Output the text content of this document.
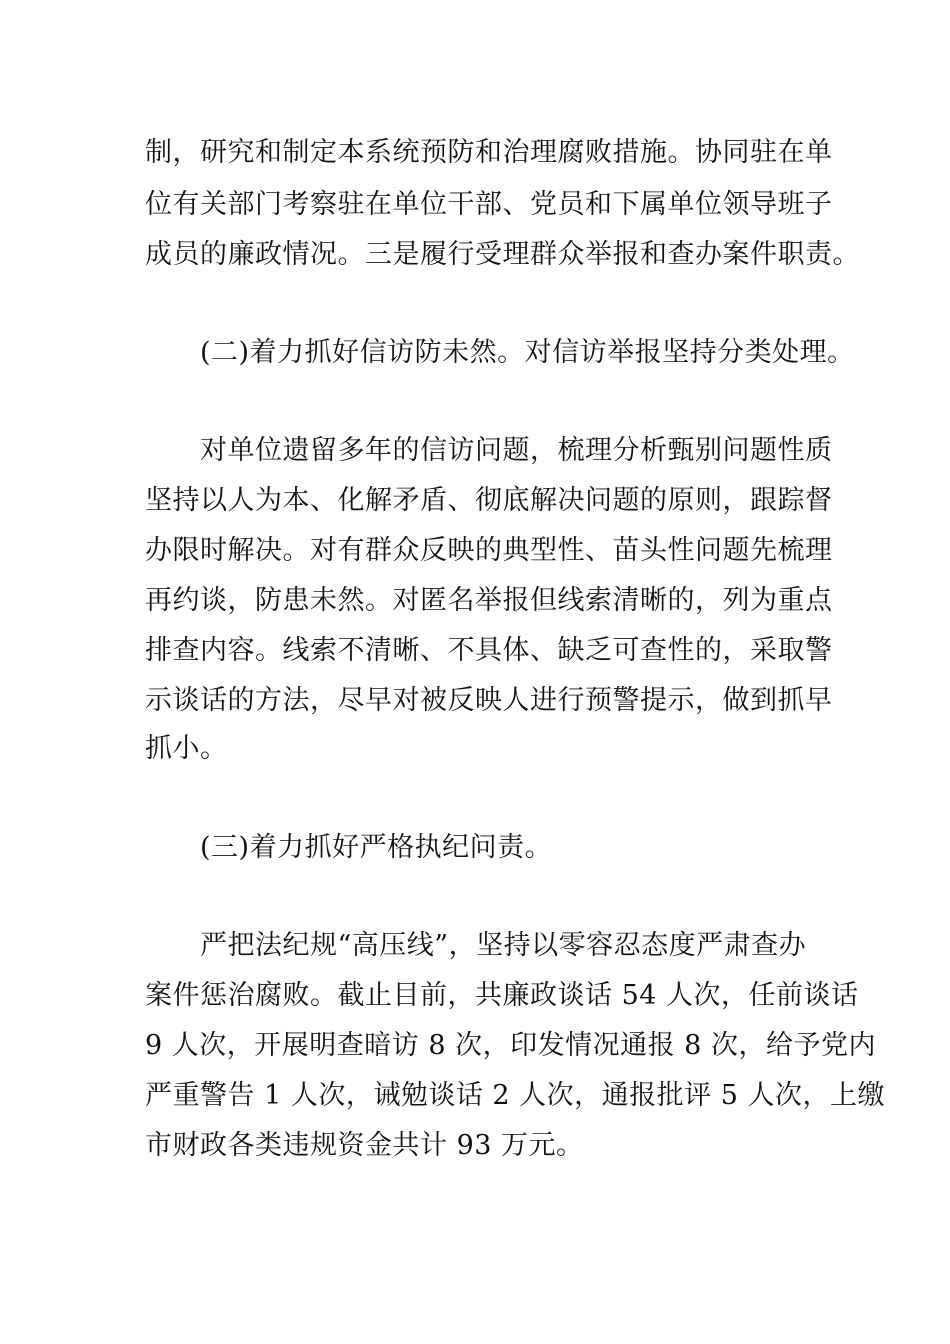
制，研究和制定本系统预防和治理腐败措施。协同驻在单
位有关部门考察驻在单位干部、党员和下属单位领导班子
成员的廉政情况。三是履行受理群众举报和查办案件职责。
(二)着力抓好信访防未然。对信访举报坚持分类处理。
对单位遗留多年的信访问题，梳理分析甄别问题性质
坚持以人为本、化解矛盾、彻底解决问题的原则，跟踪督
办限时解决。对有群众反映的典型性、苗头性问题先梳理
再约谈，防患未然。对匿名举报但线索清晰的，列为重点
排查内容。线索不清晰、不具体、缺乏可查性的，采取警
示谈话的方法，尽早对被反映人进行预警提示，做到抓早
抓小。
(三)着力抓好严格执纪问责。
严把法纪规“高压线”，坚持以零容忍态度严肃查办
案件惩治腐败。截止目前，共廉政谈话 54 人次，任前谈话
9 人次，开展明查暗访 8 次，印发情况通报 8 次，给予党内
严重警告 1 人次，诫勉谈话 2 人次，通报批评 5 人次，上缴
市财政各类违规资金共计 93 万元。
